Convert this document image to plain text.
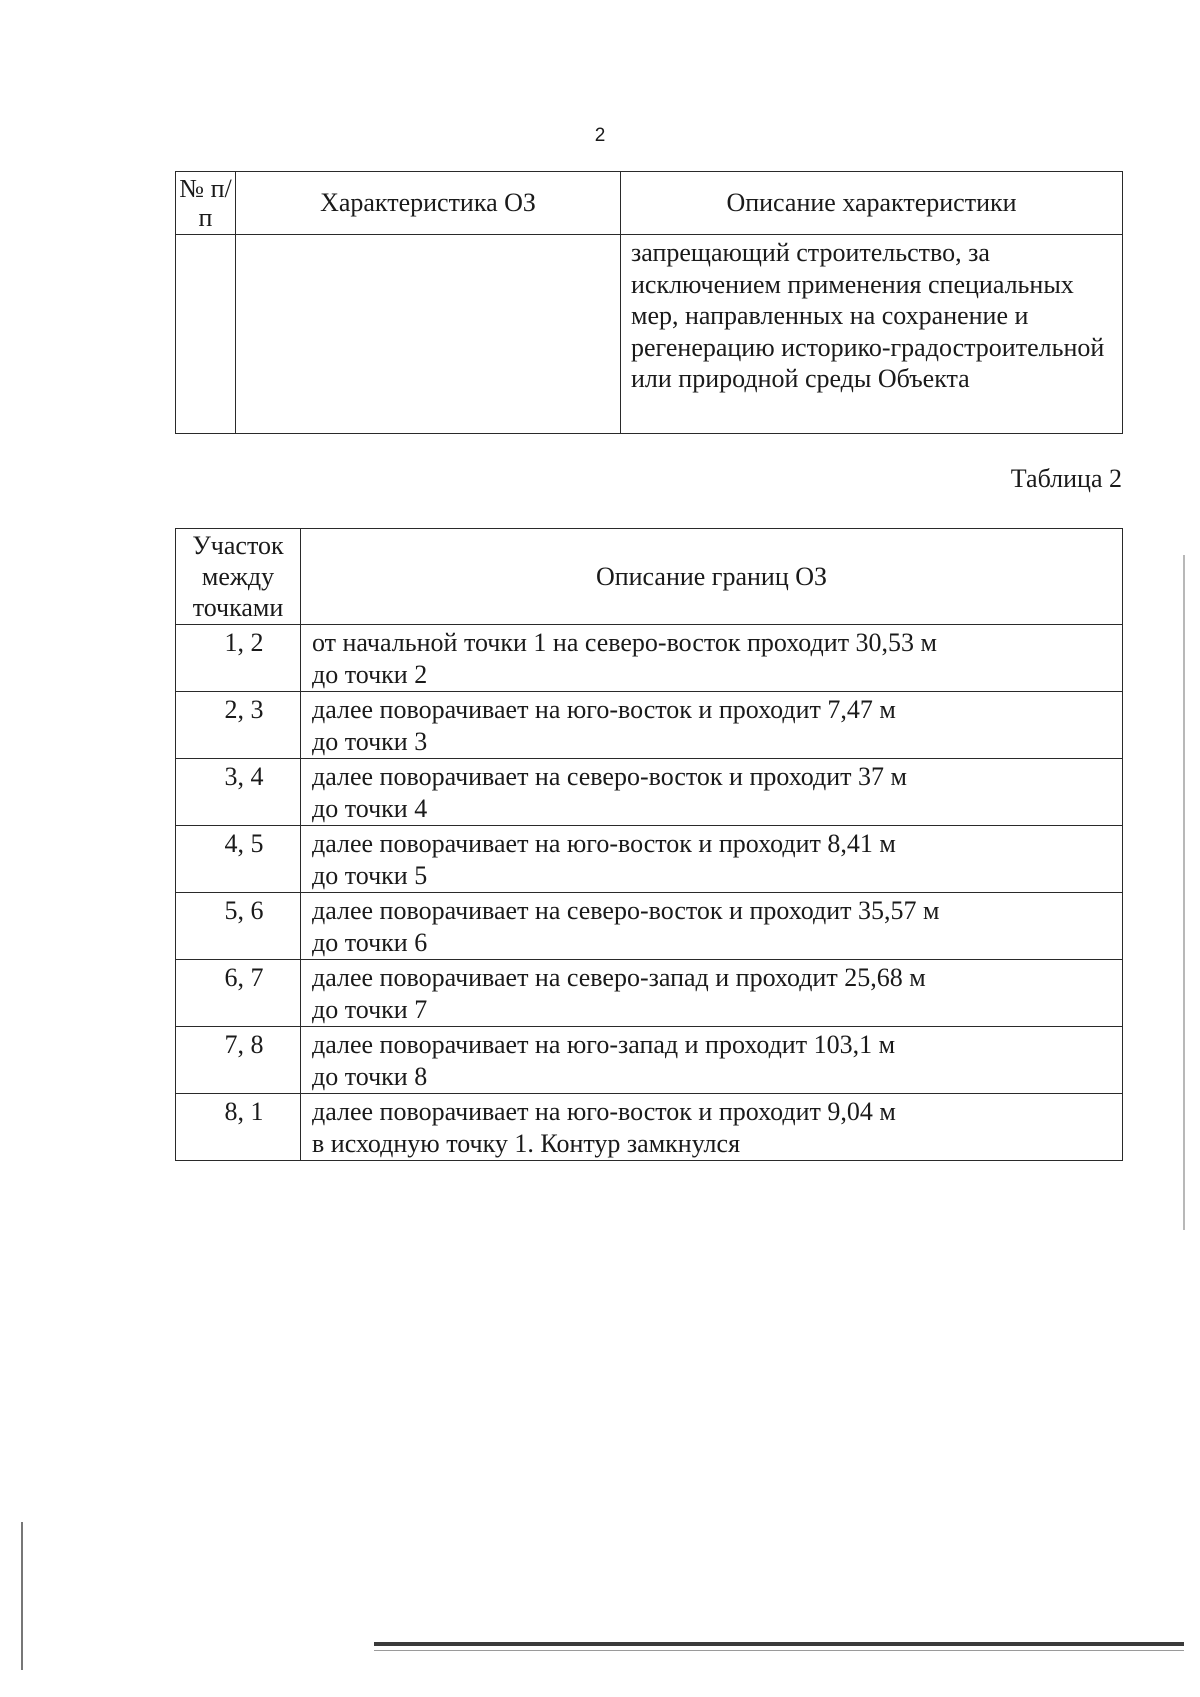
2
№ п/п	Характеристика ОЗ	Описание характеристики
		запрещающий строительство, за исключением применения специальных мер, направленных на сохранение и регенерацию историко-градостроительной или природной среды Объекта
Таблица 2
Участок между точками	Описание границ ОЗ
1, 2	от начальной точки 1 на северо-восток проходит 30,53 м
до точки 2

2, 3	далее поворачивает на юго-восток и проходит 7,47 м
до точки 3

3, 4	далее поворачивает на северо-восток и проходит 37 м
до точки 4

4, 5	далее поворачивает на юго-восток и проходит 8,41 м
до точки 5

5, 6	далее поворачивает на северо-восток и проходит 35,57 м
до точки 6

6, 7	далее поворачивает на северо-запад и проходит 25,68 м
до точки 7

7, 8	далее поворачивает на юго-запад и проходит 103,1 м
до точки 8

8, 1	далее поворачивает на юго-восток и проходит 9,04 м
в исходную точку 1. Контур замкнулся
